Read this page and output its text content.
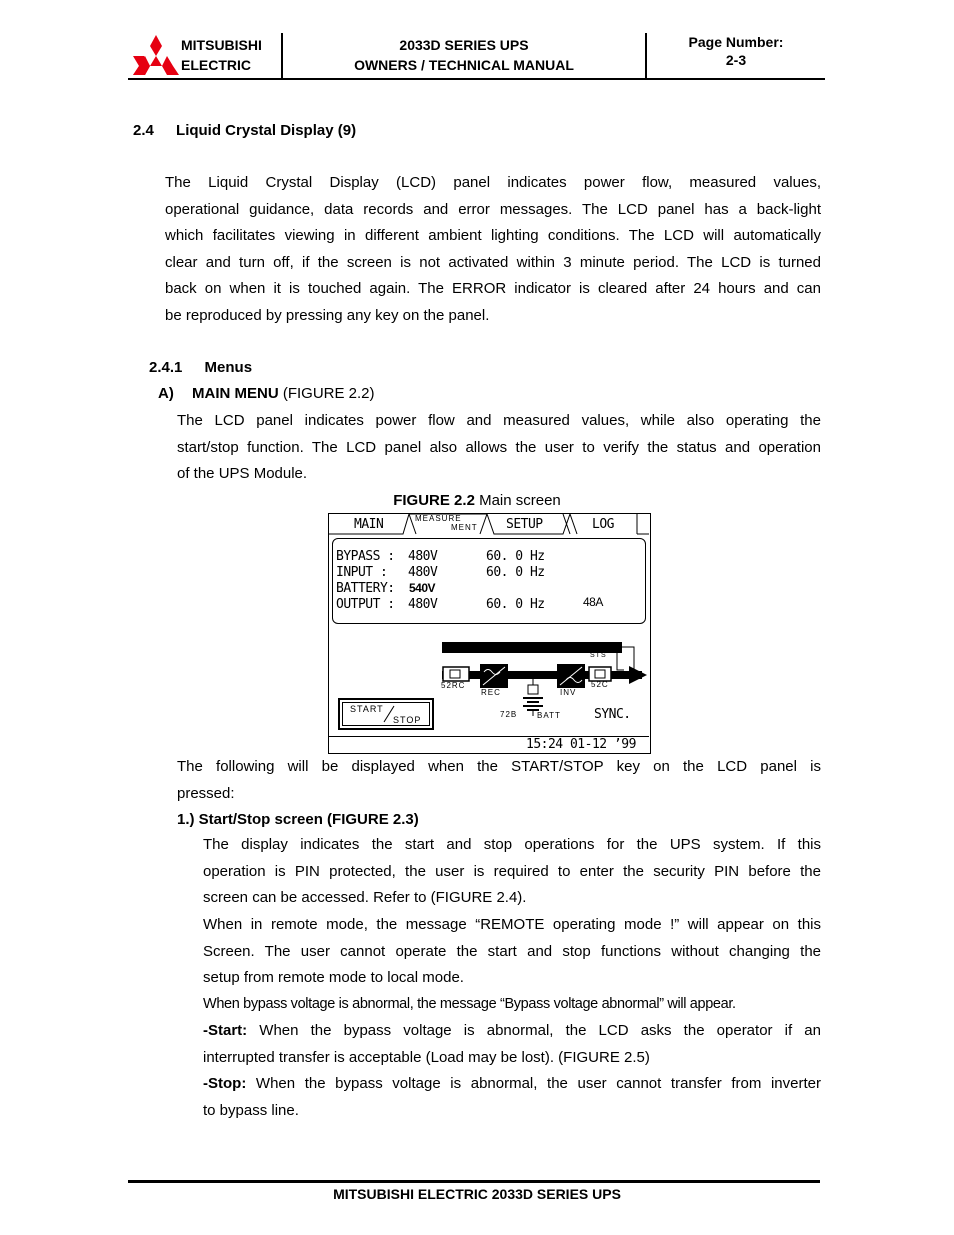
MITSUBISHI
ELECTRIC
2033D SERIES UPS
OWNERS / TECHNICAL MANUAL
Page Number:
2-3
2.4 Liquid Crystal Display (9)
The Liquid Crystal Display (LCD) panel indicates power flow, measured values,
operational guidance, data records and error messages. The LCD panel has a back-light
which facilitates viewing in different ambient lighting conditions. The LCD will automatically
clear and turn off, if the screen is not activated within 3 minute period. The LCD is turned
back on when it is touched again. The ERROR indicator is cleared after 24 hours and can
be reproduced by pressing any key on the panel.
2.4.1 Menus
A) MAIN MENU (FIGURE 2.2)
The LCD panel indicates power flow and measured values, while also operating the
start/stop function. The LCD panel also allows the user to verify the status and operation
of the UPS Module.
FIGURE 2.2 Main screen
MAIN	MEASURE
MENT SETUP	LOG
BYPASS : 480V	60. 0 Hz
INPUT : 480V	60. 0 Hz
BATTERY: 540V
OUTPUT : 480V	60. 0 Hz	48A
STS
52RC
REC	INV
52C
72B BATT
START
STOP	SYNC.
15:24 01-12 ’99
The following will be displayed when the START/STOP key on the LCD panel is
pressed:
1.) Start/Stop screen (FIGURE 2.3)
The display indicates the start and stop operations for the UPS system. If this
operation is PIN protected, the user is required to enter the security PIN before the
screen can be accessed. Refer to (FIGURE 2.4).
When in remote mode, the message “REMOTE operating mode !” will appear on this
Screen. The user cannot operate the start and stop functions without changing the
setup from remote mode to local mode.
When bypass voltage is abnormal, the message “Bypass voltage abnormal” will appear.
-Start: When the bypass voltage is abnormal, the LCD asks the operator if an
interrupted transfer is acceptable (Load may be lost). (FIGURE 2.5)
-Stop: When the bypass voltage is abnormal, the user cannot transfer from inverter
to bypass line.
MITSUBISHI ELECTRIC 2033D SERIES UPS
